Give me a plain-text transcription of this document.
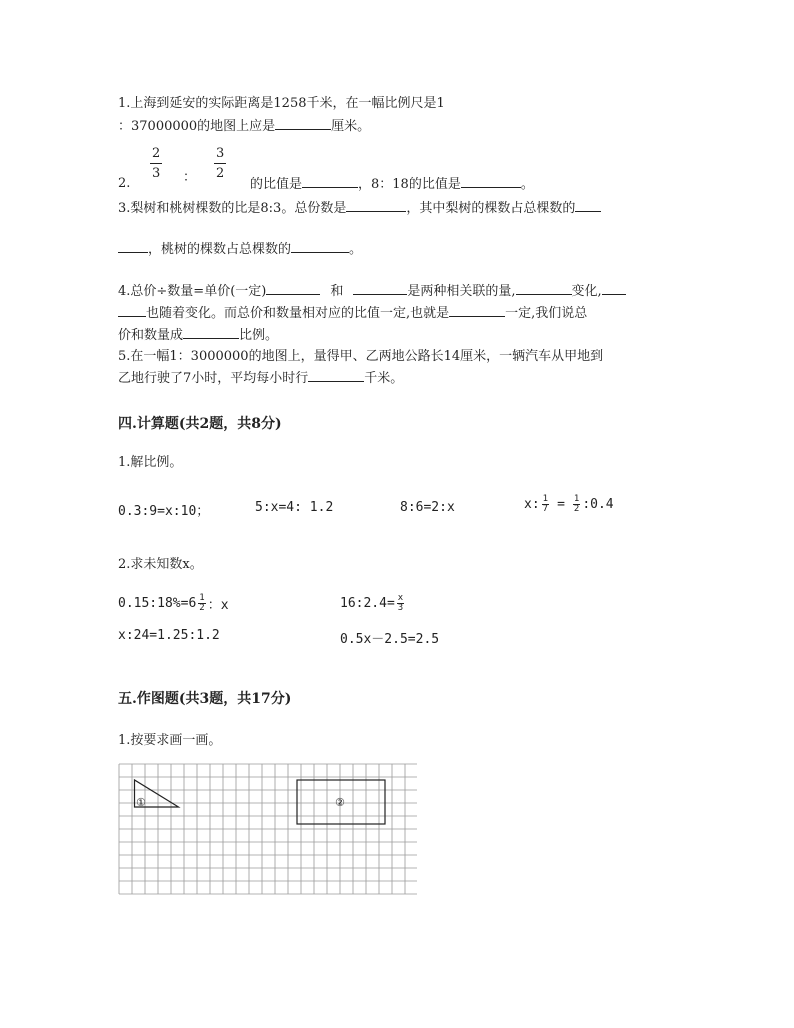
1.上海到延安的实际距离是1258千米，在一幅比例尺是1
：37000000的地图上应是	厘米。
2.
$\frac{2}{3}$ ： $\frac{3}{2}$
的比值是	，8：18的比值是	。
3.梨树和桃树棵数的比是8:3。总份数是	，其中梨树的棵数占总棵数的
，桃树的棵数占总棵数的	。
4.总价÷数量=单价(一定)	和	是两种相关联的量,	变化,
也随着变化。而总价和数量相对应的比值一定,也就是	一定,我们说总
价和数量成	比例。
5.在一幅1：3000000的地图上，量得甲、乙两地公路长14厘米，一辆汽车从甲地到
乙地行驶了7小时，平均每小时行	千米。
四.计算题(共2题，共8分)
1.解比例。
0.3:9=x:10；	5:x=4: 1.2	8:6=2:x	x: $\frac{1}{7} = \frac{1}{2}$ :0.4
2.求未知数x。
0.15:18%=6 $\frac{1}{2}$ ：x	16:2.4= $\frac{x}{3}$
x:24=1.25:1.2	0.5x－2.5=2.5
五.作图题(共3题，共17分)
1.按要求画一画。
①	②
